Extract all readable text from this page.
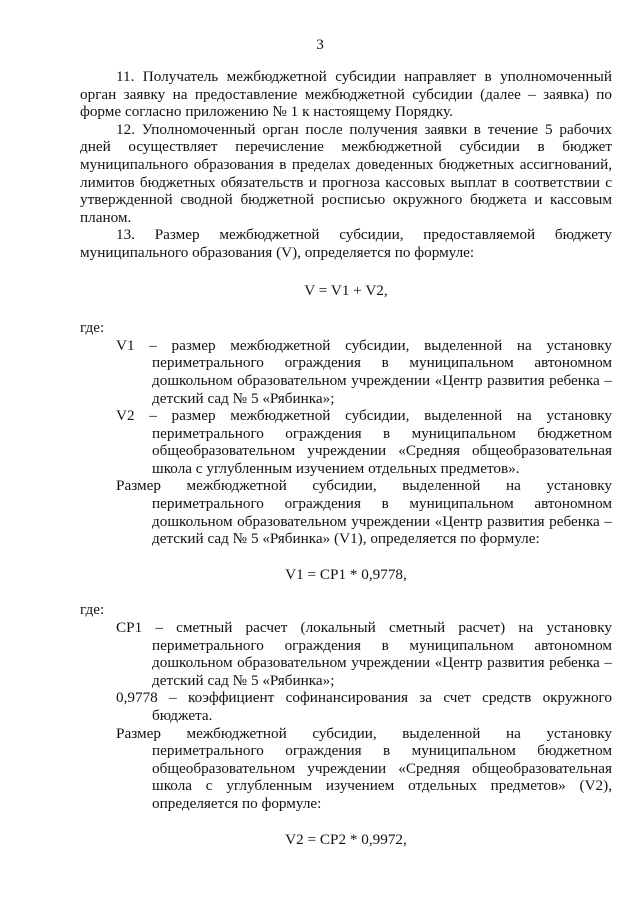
3

11. Получатель межбюджетной субсидии направляет в уполномоченный орган заявку на предоставление межбюджетной субсидии (далее – заявка) по форме согласно приложению № 1 к настоящему Порядку.

12. Уполномоченный орган после получения заявки в течение 5 рабочих дней осуществляет перечисление межбюджетной субсидии в бюджет муниципального образования в пределах доведенных бюджетных ассигнований, лимитов бюджетных обязательств и прогноза кассовых выплат в соответствии с утвержденной сводной бюджетной росписью окружного бюджета и кассовым планом.

13. Размер межбюджетной субсидии, предоставляемой бюджету муниципального образования (V), определяется по формуле:

V = V1 + V2,

где:

V1 – размер межбюджетной субсидии, выделенной на установку периметрального ограждения в муниципальном автономном дошкольном образовательном учреждении «Центр развития ребенка – детский сад № 5 «Рябинка»;

V2 – размер межбюджетной субсидии, выделенной на установку периметрального ограждения в муниципальном бюджетном общеобразовательном учреждении «Средняя общеобразовательная школа с углубленным изучением отдельных предметов».

Размер межбюджетной субсидии, выделенной на установку периметрального ограждения в муниципальном автономном дошкольном образовательном учреждении «Центр развития ребенка – детский сад № 5 «Рябинка» (V1), определяется по формуле:

V1 = СР1 * 0,9778,

где:

СР1 – сметный расчет (локальный сметный расчет) на установку периметрального ограждения в муниципальном автономном дошкольном образовательном учреждении «Центр развития ребенка – детский сад № 5 «Рябинка»;

0,9778 – коэффициент софинансирования за счет средств окружного бюджета.

Размер межбюджетной субсидии, выделенной на установку периметрального ограждения в муниципальном бюджетном общеобразовательном учреждении «Средняя общеобразовательная школа с углубленным изучением отдельных предметов» (V2), определяется по формуле:

V2 = СР2 * 0,9972,
